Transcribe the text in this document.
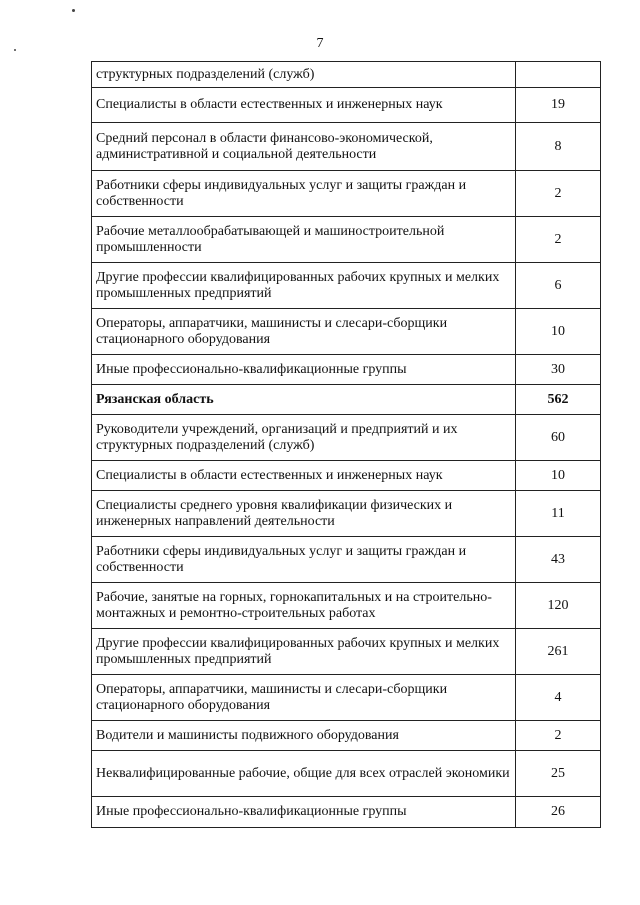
7
структурных подразделений (служб)	
Специалисты в области естественных и инженерных наук	19
Средний персонал в области финансово-экономической, административной и социальной деятельности	8
Работники сферы индивидуальных услуг и защиты граждан и собственности	2
Рабочие металлообрабатывающей и машиностроительной промышленности	2
Другие профессии квалифицированных рабочих крупных и мелких промышленных предприятий	6
Операторы, аппаратчики, машинисты и слесари-сборщики стационарного оборудования	10
Иные профессионально-квалификационные группы	30
Рязанская область	562
Руководители учреждений, организаций и предприятий и их структурных подразделений (служб)	60
Специалисты в области естественных и инженерных наук	10
Специалисты среднего уровня квалификации физических и инженерных направлений деятельности	11
Работники сферы индивидуальных услуг и защиты граждан и собственности	43
Рабочие, занятые на горных, горнокапитальных и на строительно-монтажных и ремонтно-строительных работах	120
Другие профессии квалифицированных рабочих крупных и мелких промышленных предприятий	261
Операторы, аппаратчики, машинисты и слесари-сборщики стационарного оборудования	4
Водители и машинисты подвижного оборудования	2
Неквалифицированные рабочие, общие для всех отраслей экономики	25
Иные профессионально-квалификационные группы	26
